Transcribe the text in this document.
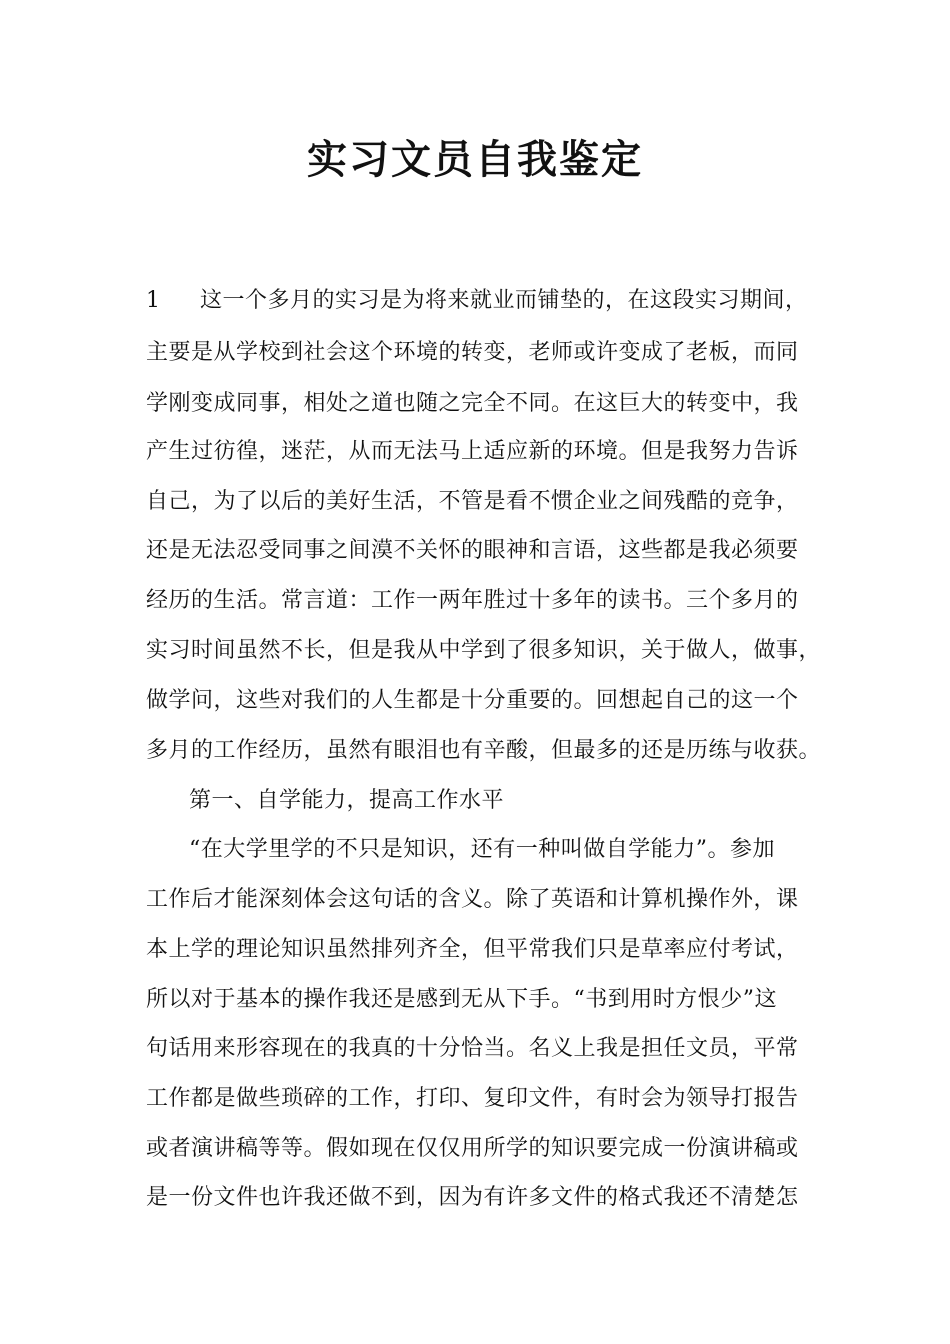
实习文员自我鉴定
1 这一个多月的实习是为将来就业而铺垫的，在这段实习期间，
主要是从学校到社会这个环境的转变，老师或许变成了老板，而同
学刚变成同事，相处之道也随之完全不同。在这巨大的转变中，我
产生过彷徨，迷茫，从而无法马上适应新的环境。但是我努力告诉
自己，为了以后的美好生活，不管是看不惯企业之间残酷的竞争，
还是无法忍受同事之间漠不关怀的眼神和言语，这些都是我必须要
经历的生活。常言道：工作一两年胜过十多年的读书。三个多月的
实习时间虽然不长，但是我从中学到了很多知识，关于做人，做事，
做学问，这些对我们的人生都是十分重要的。回想起自己的这一个
多月的工作经历，虽然有眼泪也有辛酸，但最多的还是历练与收获。
第一、自学能力，提高工作水平
“在大学里学的不只是知识，还有一种叫做自学能力”。参加
工作后才能深刻体会这句话的含义。除了英语和计算机操作外，课
本上学的理论知识虽然排列齐全，但平常我们只是草率应付考试，
所以对于基本的操作我还是感到无从下手。“书到用时方恨少”这
句话用来形容现在的我真的十分恰当。名义上我是担任文员，平常
工作都是做些琐碎的工作，打印、复印文件，有时会为领导打报告
或者演讲稿等等。假如现在仅仅用所学的知识要完成一份演讲稿或
是一份文件也许我还做不到，因为有许多文件的格式我还不清楚怎
